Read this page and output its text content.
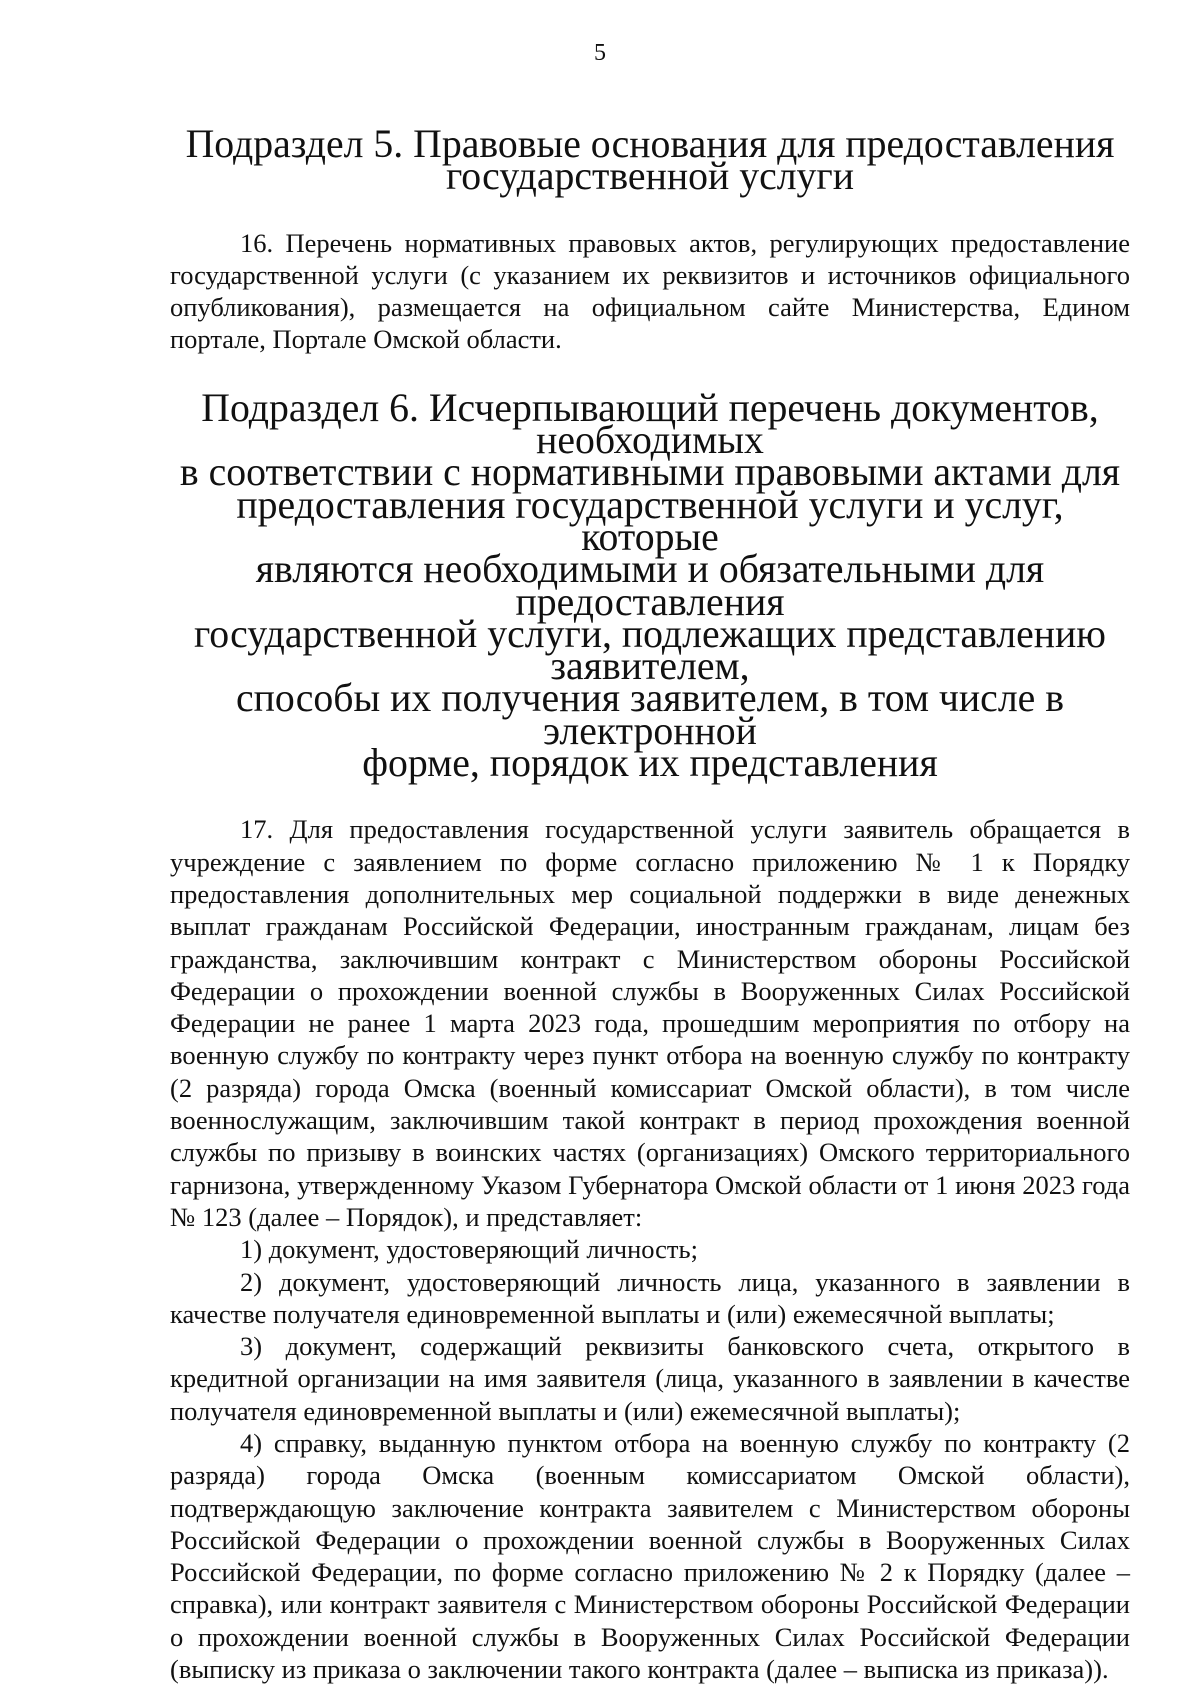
5
Подраздел 5. Правовые основания для предоставления
государственной услуги

16. Перечень нормативных правовых актов, регулирующих предоставление государственной услуги (с указанием их реквизитов и источников официального опубликования), размещается на официальном сайте Министерства, Едином портале, Портале Омской области.

Подраздел 6. Исчерпывающий перечень документов, необходимых
в соответствии с нормативными правовыми актами для
предоставления государственной услуги и услуг, которые
являются необходимыми и обязательными для предоставления
государственной услуги, подлежащих представлению заявителем,
способы их получения заявителем, в том числе в электронной
форме, порядок их представления

17. Для предоставления государственной услуги заявитель обращается в учреждение с заявлением по форме согласно приложению № 1 к Порядку предоставления дополнительных мер социальной поддержки в виде денежных выплат гражданам Российской Федерации, иностранным гражданам, лицам без гражданства, заключившим контракт с Министерством обороны Российской Федерации о прохождении военной службы в Вооруженных Силах Российской Федерации не ранее 1 марта 2023 года, прошедшим мероприятия по отбору на военную службу по контракту через пункт отбора на военную службу по контракту (2 разряда) города Омска (военный комиссариат Омской области), в том числе военнослужащим, заключившим такой контракт в период прохождения военной службы по призыву в воинских частях (организациях) Омского территориального гарнизона, утвержденному Указом Губернатора Омской области от 1 июня 2023 года № 123 (далее – Порядок), и представляет:

1) документ, удостоверяющий личность;

2) документ, удостоверяющий личность лица, указанного в заявлении в качестве получателя единовременной выплаты и (или) ежемесячной выплаты;

3) документ, содержащий реквизиты банковского счета, открытого в кредитной организации на имя заявителя (лица, указанного в заявлении в качестве получателя единовременной выплаты и (или) ежемесячной выплаты);

4) справку, выданную пунктом отбора на военную службу по контракту (2 разряда) города Омска (военным комиссариатом Омской области), подтверждающую заключение контракта заявителем с Министерством обороны Российской Федерации о прохождении военной службы в Вооруженных Силах Российской Федерации, по форме согласно приложению № 2 к Порядку (далее – справка), или контракт заявителя с Министерством обороны Российской Федерации о прохождении военной службы в Вооруженных Силах Российской Федерации (выписку из приказа о заключении такого контракта (далее – выписка из приказа)).
